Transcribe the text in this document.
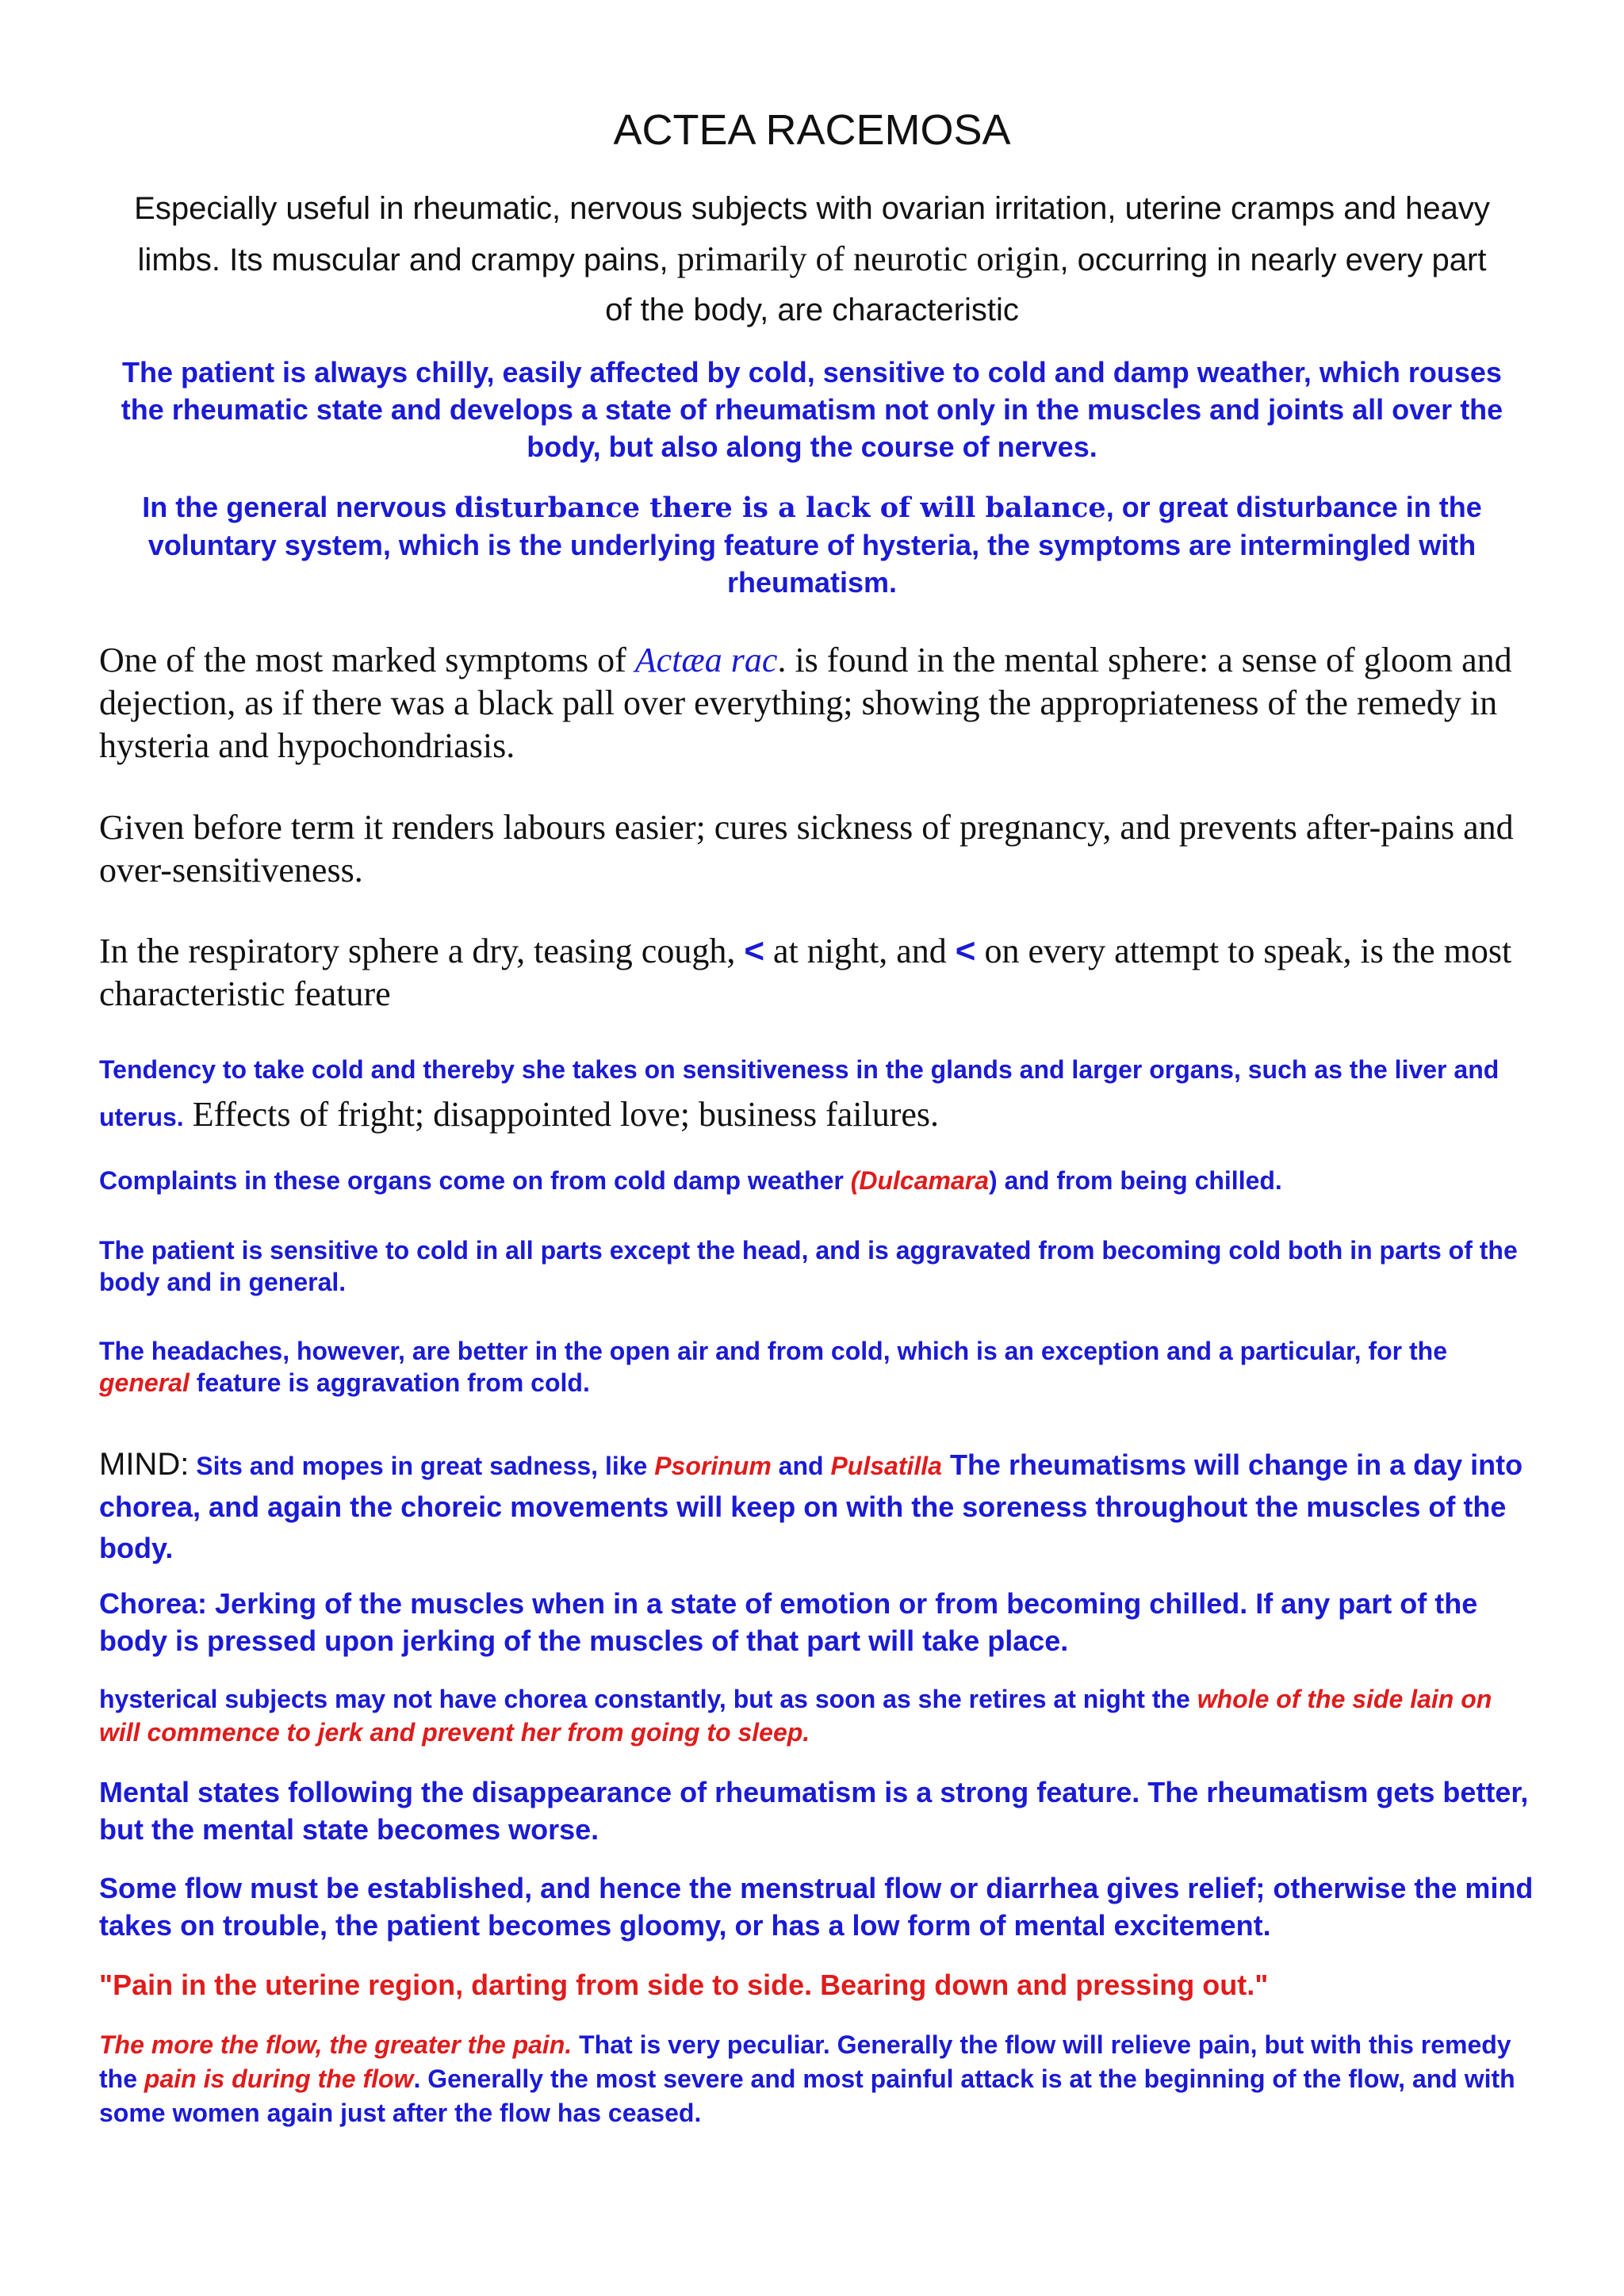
ACTEA RACEMOSA

Especially useful in rheumatic, nervous subjects with ovarian irritation, uterine cramps and heavy limbs. Its muscular and crampy pains, primarily of neurotic origin, occurring in nearly every part of the body, are characteristic

The patient is always chilly, easily affected by cold, sensitive to cold and damp weather, which rouses the rheumatic state and develops a state of rheumatism not only in the muscles and joints all over the body, but also along the course of nerves.

In the general nervous disturbance there is a lack of will balance, or great disturbance in the voluntary system, which is the underlying feature of hysteria, the symptoms are intermingled with rheumatism.

One of the most marked symptoms of Actæa rac. is found in the mental sphere: a sense of gloom and dejection, as if there was a black pall over everything; showing the appropriateness of the remedy in hysteria and hypochondriasis.

Given before term it renders labours easier; cures sickness of pregnancy, and prevents after-pains and over-sensitiveness.

In the respiratory sphere a dry, teasing cough, < at night, and < on every attempt to speak, is the most characteristic feature

Tendency to take cold and thereby she takes on sensitiveness in the glands and larger organs, such as the liver and uterus. Effects of fright; disappointed love; business failures.

Complaints in these organs come on from cold damp weather (Dulcamara) and from being chilled.

The patient is sensitive to cold in all parts except the head, and is aggravated from becoming cold both in parts of the body and in general.

The headaches, however, are better in the open air and from cold, which is an exception and a particular, for the general feature is aggravation from cold.

MIND: Sits and mopes in great sadness, like Psorinum and Pulsatilla The rheumatisms will change in a day into chorea, and again the choreic movements will keep on with the soreness throughout the muscles of the body.

Chorea: Jerking of the muscles when in a state of emotion or from becoming chilled. If any part of the body is pressed upon jerking of the muscles of that part will take place.

hysterical subjects may not have chorea constantly, but as soon as she retires at night the whole of the side lain on will commence to jerk and prevent her from going to sleep.

Mental states following the disappearance of rheumatism is a strong feature. The rheumatism gets better, but the mental state becomes worse.

Some flow must be established, and hence the menstrual flow or diarrhea gives relief; otherwise the mind takes on trouble, the patient becomes gloomy, or has a low form of mental excitement.

"Pain in the uterine region, darting from side to side. Bearing down and pressing out."

The more the flow, the greater the pain. That is very peculiar. Generally the flow will relieve pain, but with this remedy the pain is during the flow. Generally the most severe and most painful attack is at the beginning of the flow, and with some women again just after the flow has ceased.
